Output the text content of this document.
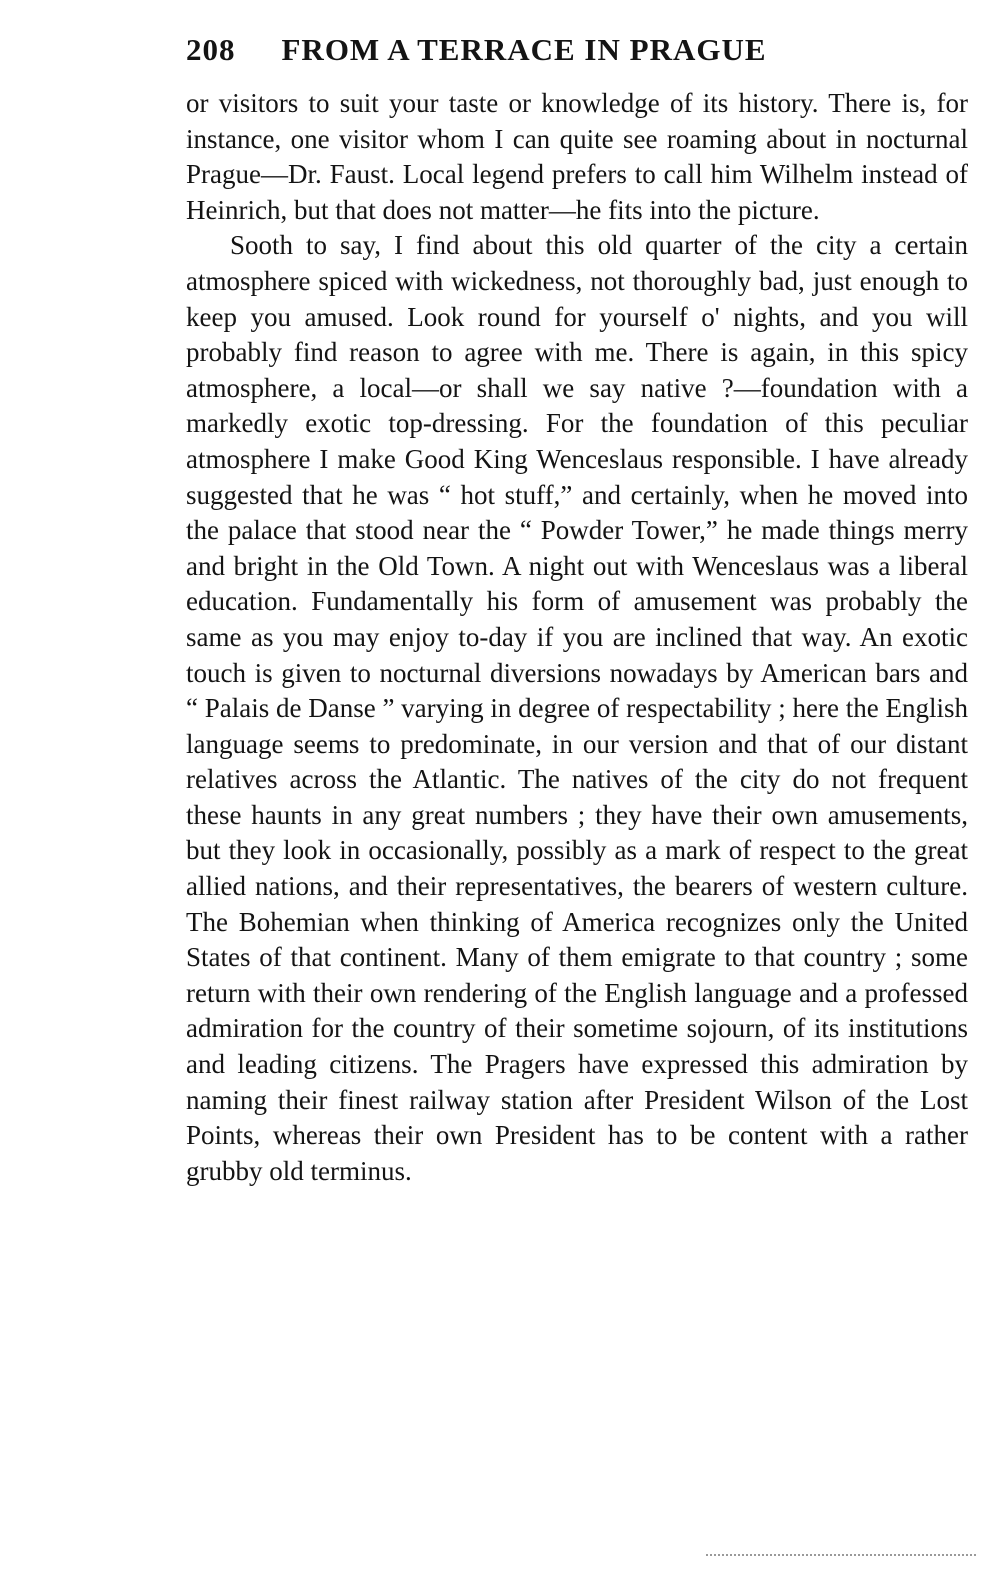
208 FROM A TERRACE IN PRAGUE

or visitors to suit your taste or knowledge of its history. There is, for instance, one visitor whom I can quite see roaming about in nocturnal Prague—Dr. Faust. Local legend prefers to call him Wilhelm instead of Heinrich, but that does not matter—he fits into the picture.

Sooth to say, I find about this old quarter of the city a certain atmosphere spiced with wickedness, not thoroughly bad, just enough to keep you amused. Look round for yourself o' nights, and you will probably find reason to agree with me. There is again, in this spicy atmosphere, a local—or shall we say native ?—foundation with a markedly exotic top-dressing. For the foundation of this peculiar atmosphere I make Good King Wenceslaus responsible. I have already suggested that he was “ hot stuff,” and certainly, when he moved into the palace that stood near the “ Powder Tower,” he made things merry and bright in the Old Town. A night out with Wenceslaus was a liberal education. Fundamentally his form of amusement was probably the same as you may enjoy to-day if you are inclined that way. An exotic touch is given to nocturnal diversions nowadays by American bars and “ Palais de Danse ” varying in degree of respectability ; here the English language seems to predominate, in our version and that of our distant relatives across the Atlantic. The natives of the city do not frequent these haunts in any great numbers ; they have their own amusements, but they look in occasionally, possibly as a mark of respect to the great allied nations, and their representatives, the bearers of western culture. The Bohemian when thinking of America recognizes only the United States of that continent. Many of them emigrate to that country ; some return with their own rendering of the English language and a professed admiration for the country of their sometime sojourn, of its institutions and leading citizens. The Pragers have expressed this admiration by naming their finest railway station after President Wilson of the Lost Points, whereas their own President has to be content with a rather grubby old terminus.
